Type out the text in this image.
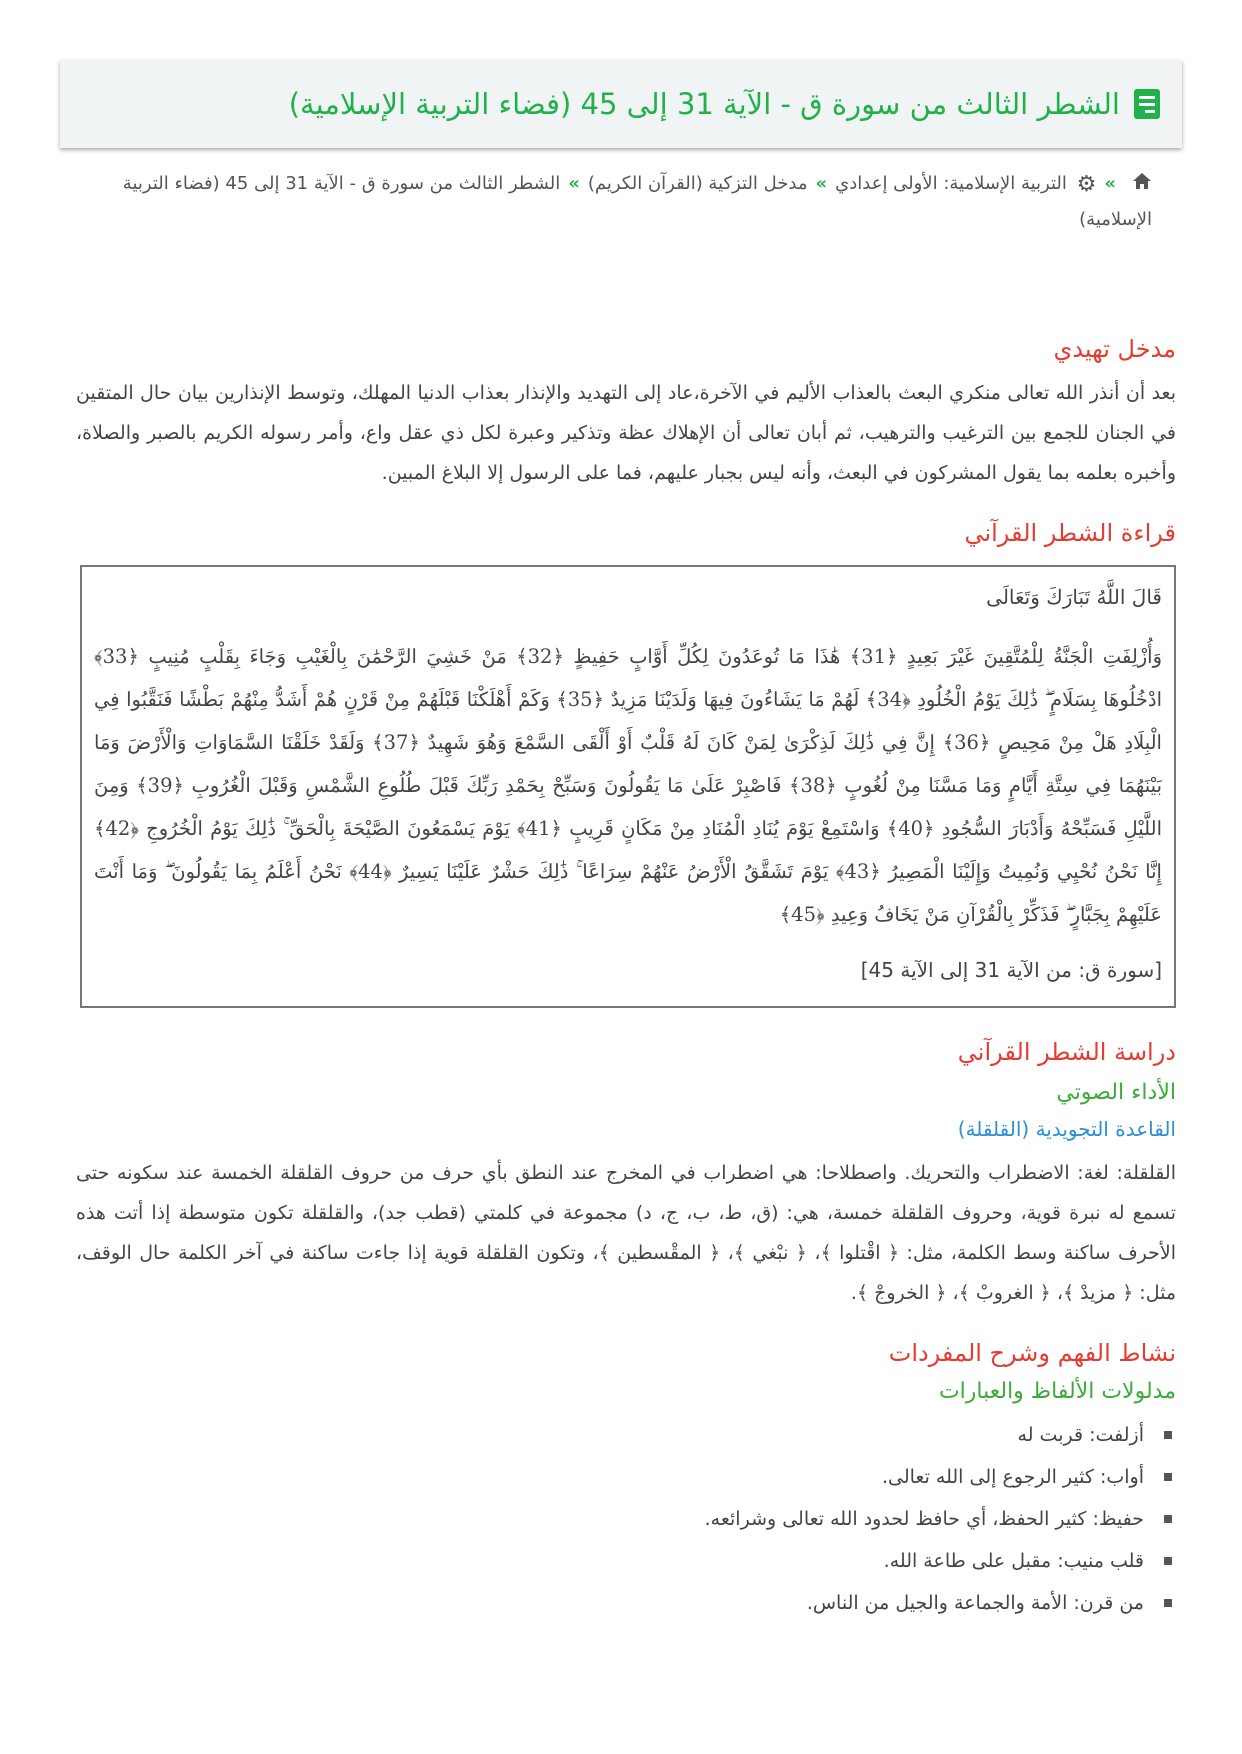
الشطر الثالث من سورة ق - الآية 31 إلى 45 (فضاء التربية الإسلامية)
»⚙ التربية الإسلامية: الأولى إعدادي»مدخل التزكية (القرآن الكريم)»الشطر الثالث من سورة ق - الآية 31 إلى 45 (فضاء التربية الإسلامية)
مدخل تهيدي

بعد أن أنذر الله تعالى منكري البعث بالعذاب الأليم في الآخرة،عاد إلى التهديد والإنذار بعذاب الدنيا المهلك، وتوسط الإنذارين بيان حال المتقين في الجنان للجمع بين الترغيب والترهيب، ثم أبان تعالى أن الإهلاك عظة وتذكير وعبرة لكل ذي عقل واع، وأمر رسوله الكريم بالصبر والصلاة، وأخبره بعلمه بما يقول المشركون في البعث، وأنه ليس بجبار عليهم، فما على الرسول إلا البلاغ المبين.

قراءة الشطر القرآني
قَالَ اللَّهُ تَبَارَكَ وَتَعَالَى
وَأُزْلِفَتِ الْجَنَّةُ لِلْمُتَّقِينَ غَيْرَ بَعِيدٍ ﴿31﴾ هَٰذَا مَا تُوعَدُونَ لِكُلِّ أَوَّابٍ حَفِيظٍ ﴿32﴾ مَنْ خَشِيَ الرَّحْمَٰنَ بِالْغَيْبِ وَجَاءَ بِقَلْبٍ مُنِيبٍ ﴿33﴾ ادْخُلُوهَا بِسَلَامٍ ۖ ذَٰلِكَ يَوْمُ الْخُلُودِ ﴿34﴾ لَهُمْ مَا يَشَاءُونَ فِيهَا وَلَدَيْنَا مَزِيدٌ ﴿35﴾ وَكَمْ أَهْلَكْنَا قَبْلَهُمْ مِنْ قَرْنٍ هُمْ أَشَدُّ مِنْهُمْ بَطْشًا فَنَقَّبُوا فِي الْبِلَادِ هَلْ مِنْ مَحِيصٍ ﴿36﴾ إِنَّ فِي ذَٰلِكَ لَذِكْرَىٰ لِمَنْ كَانَ لَهُ قَلْبٌ أَوْ أَلْقَى السَّمْعَ وَهُوَ شَهِيدٌ ﴿37﴾ وَلَقَدْ خَلَقْنَا السَّمَاوَاتِ وَالْأَرْضَ وَمَا بَيْنَهُمَا فِي سِتَّةِ أَيَّامٍ وَمَا مَسَّنَا مِنْ لُغُوبٍ ﴿38﴾ فَاصْبِرْ عَلَىٰ مَا يَقُولُونَ وَسَبِّحْ بِحَمْدِ رَبِّكَ قَبْلَ طُلُوعِ الشَّمْسِ وَقَبْلَ الْغُرُوبِ ﴿39﴾ وَمِنَ اللَّيْلِ فَسَبِّحْهُ وَأَدْبَارَ السُّجُودِ ﴿40﴾ وَاسْتَمِعْ يَوْمَ يُنَادِ الْمُنَادِ مِنْ مَكَانٍ قَرِيبٍ ﴿41﴾ يَوْمَ يَسْمَعُونَ الصَّيْحَةَ بِالْحَقِّ ۚ ذَٰلِكَ يَوْمُ الْخُرُوجِ ﴿42﴾ إِنَّا نَحْنُ نُحْيِي وَنُمِيتُ وَإِلَيْنَا الْمَصِيرُ ﴿43﴾ يَوْمَ تَشَقَّقُ الْأَرْضُ عَنْهُمْ سِرَاعًا ۚ ذَٰلِكَ حَشْرٌ عَلَيْنَا يَسِيرٌ ﴿44﴾ نَحْنُ أَعْلَمُ بِمَا يَقُولُونَ ۖ وَمَا أَنْتَ عَلَيْهِمْ بِجَبَّارٍ ۖ فَذَكِّرْ بِالْقُرْآنِ مَنْ يَخَافُ وَعِيدِ ﴿45﴾
[سورة ق: من الآية 31 إلى الآية 45]
دراسة الشطر القرآني
الأداء الصوتي
القاعدة التجويدية (القلقلة)

القلقلة: لغة: الاضطراب والتحريك. واصطلاحا: هي اضطراب في المخرج عند النطق بأي حرف من حروف القلقلة الخمسة عند سكونه حتى تسمع له نبرة قوية، وحروف القلقلة خمسة، هي: (ق، ط، ب، ج، د) مجموعة في كلمتي (قطب جد)، والقلقلة تكون متوسطة إذا أتت هذه الأحرف ساكنة وسط الكلمة، مثل: ﴿ اقْتلوا ﴾، ﴿ نبْغي ﴾، ﴿ المقْسطين ﴾، وتكون القلقلة قوية إذا جاءت ساكنة في آخر الكلمة حال الوقف، مثل: ﴿ مزيدْ ﴾، ﴿ الغروبْ ﴾، ﴿ الخروجْ ﴾.

نشاط الفهم وشرح المفردات
مدلولات الألفاظ والعبارات
أزلفت: قربت له
أواب: كثير الرجوع إلى الله تعالى.
حفيظ: كثير الحفظ، أي حافظ لحدود الله تعالى وشرائعه.
قلب منيب: مقبل على طاعة الله.
من قرن: الأمة والجماعة والجيل من الناس.
